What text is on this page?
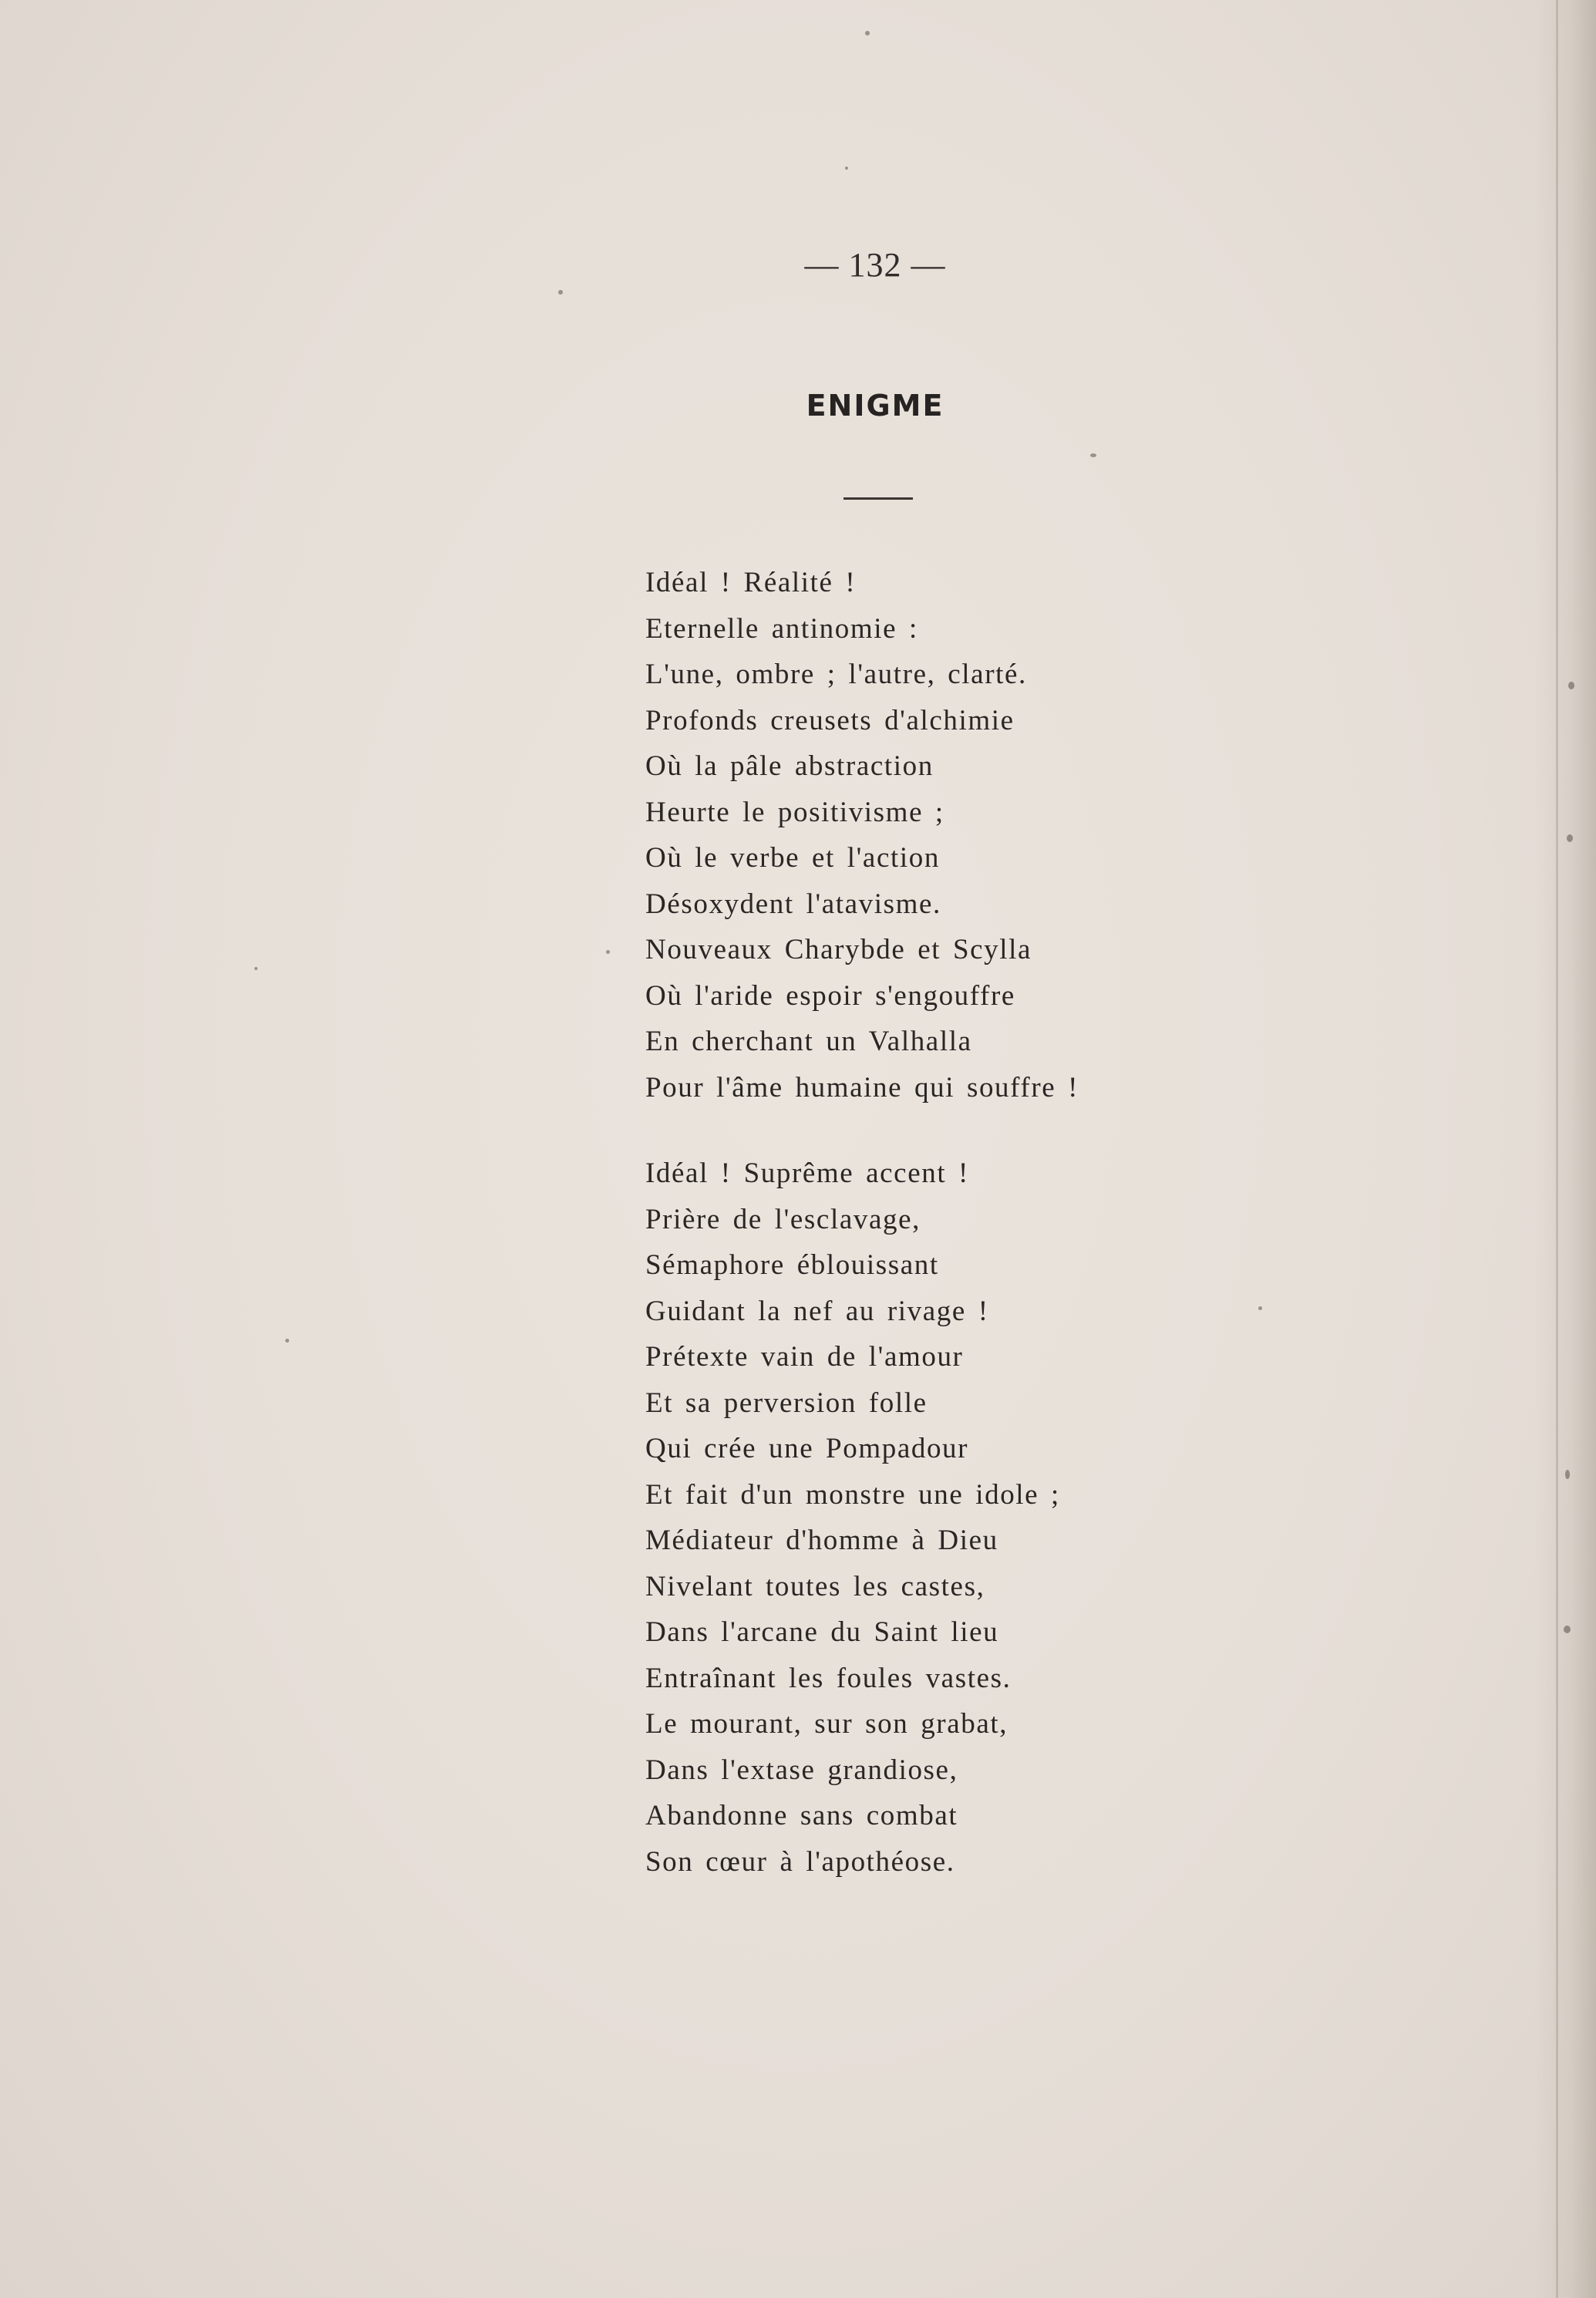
— 132 —
ENIGME
Idéal ! Réalité !
Eternelle antinomie :
L'une, ombre ; l'autre, clarté.
Profonds creusets d'alchimie
Où la pâle abstraction
Heurte le positivisme ;
Où le verbe et l'action
Désoxydent l'atavisme.
Nouveaux Charybde et Scylla
Où l'aride espoir s'engouffre
En cherchant un Valhalla
Pour l'âme humaine qui souffre !
Idéal ! Suprême accent !
Prière de l'esclavage,
Sémaphore éblouissant
Guidant la nef au rivage !
Prétexte vain de l'amour
Et sa perversion folle
Qui crée une Pompadour
Et fait d'un monstre une idole ;
Médiateur d'homme à Dieu
Nivelant toutes les castes,
Dans l'arcane du Saint lieu
Entraînant les foules vastes.
Le mourant, sur son grabat,
Dans l'extase grandiose,
Abandonne sans combat
Son cœur à l'apothéose.
